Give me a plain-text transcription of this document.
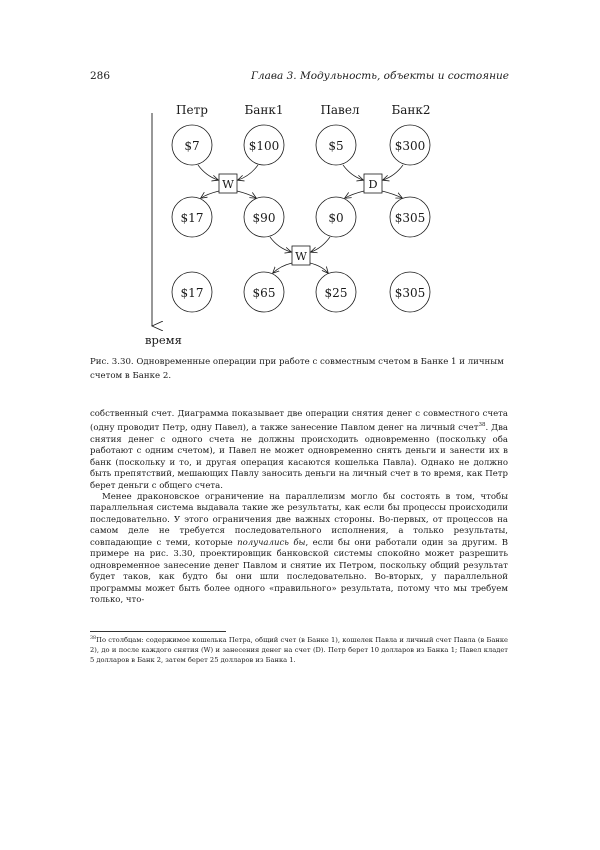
286	Глава 3. Модульность, объекты и состояние
время
Петр	Банк1	Павел	Банк2
$7	$100	$5	$300
$17	$90	$0	$305
$17	$65	$25	$305
W	D
W
Рис. 3.30. Одновременные операции при работе с совместным счетом в Банке 1 и личным счетом в Банке 2.

собственный счет. Диаграмма показывает две операции снятия денег с совместного счета (одну проводит Петр, одну Павел), а также занесение Павлом денег на личный счет$^{38}$. Два снятия денег с одного счета не должны происходить одновременно (поскольку оба работают с одним счетом), и Павел не может одновременно снять деньги и занести их в банк (поскольку и то, и другая операция касаются кошелька Павла). Однако не должно быть препятствий, мешающих Павлу заносить деньги на личный счет в то время, как Петр берет деньги с общего счета.

Менее драконовское ограничение на параллелизм могло бы состоять в том, чтобы параллельная система выдавала такие же результаты, как если бы процессы происходили последовательно. У этого ограничения две важных стороны. Во-первых, от процессов на самом деле не требуется последовательного исполнения, а только результаты, совпадающие с теми, которые получались бы, если бы они работали один за другим. В примере на рис. 3.30, проектировщик банковской системы спокойно может разрешить одновременное занесение денег Павлом и снятие их Петром, поскольку общий результат будет таков, как будто бы они шли последовательно. Во-вторых, у параллельной программы может быть более одного «правильного» результата, потому что мы требуем только, что-

$^{38}$По столбцам: содержимое кошелька Петра, общий счет (в Банке 1), кошелек Павла и личный счет Павла (в Банке 2), до и после каждого снятия (W) и занесения денег на счет (D). Петр берет 10 долларов из Банка 1; Павел кладет 5 долларов в Банк 2, затем берет 25 долларов из Банка 1.
